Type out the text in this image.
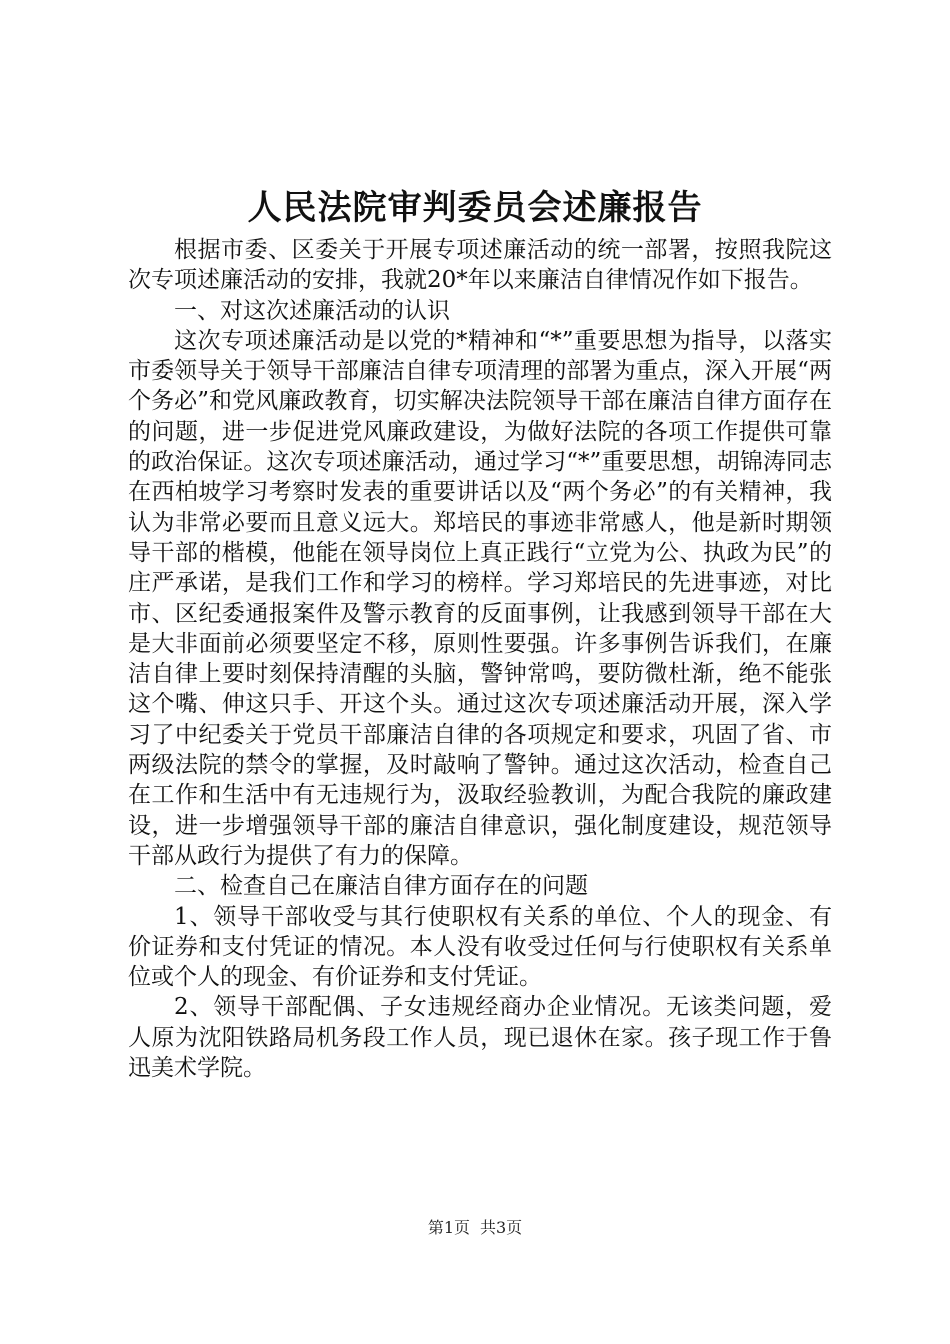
人民法院审判委员会述廉报告

根据市委、区委关于开展专项述廉活动的统一部署，按照我院这次专项述廉活动的安排，我就20*年以来廉洁自律情况作如下报告。

一、对这次述廉活动的认识

这次专项述廉活动是以党的*精神和“*”重要思想为指导，以落实市委领导关于领导干部廉洁自律专项清理的部署为重点，深入开展“两个务必”和党风廉政教育，切实解决法院领导干部在廉洁自律方面存在的问题，进一步促进党风廉政建设，为做好法院的各项工作提供可靠的政治保证。这次专项述廉活动，通过学习“*”重要思想，胡锦涛同志在西柏坡学习考察时发表的重要讲话以及“两个务必”的有关精神，我认为非常必要而且意义远大。郑培民的事迹非常感人，他是新时期领导干部的楷模，他能在领导岗位上真正践行“立党为公、执政为民”的庄严承诺，是我们工作和学习的榜样。学习郑培民的先进事迹，对比市、区纪委通报案件及警示教育的反面事例，让我感到领导干部在大是大非面前必须要坚定不移，原则性要强。许多事例告诉我们，在廉洁自律上要时刻保持清醒的头脑，警钟常鸣，要防微杜渐，绝不能张这个嘴、伸这只手、开这个头。通过这次专项述廉活动开展，深入学习了中纪委关于党员干部廉洁自律的各项规定和要求，巩固了省、市两级法院的禁令的掌握，及时敲响了警钟。通过这次活动，检查自己在工作和生活中有无违规行为，汲取经验教训，为配合我院的廉政建设，进一步增强领导干部的廉洁自律意识，强化制度建设，规范领导干部从政行为提供了有力的保障。

二、检查自己在廉洁自律方面存在的问题

1、领导干部收受与其行使职权有关系的单位、个人的现金、有价证券和支付凭证的情况。本人没有收受过任何与行使职权有关系单位或个人的现金、有价证券和支付凭证。

2、领导干部配偶、子女违规经商办企业情况。无该类问题，爱人原为沈阳铁路局机务段工作人员，现已退休在家。孩子现工作于鲁迅美术学院。

第1页 共3页
